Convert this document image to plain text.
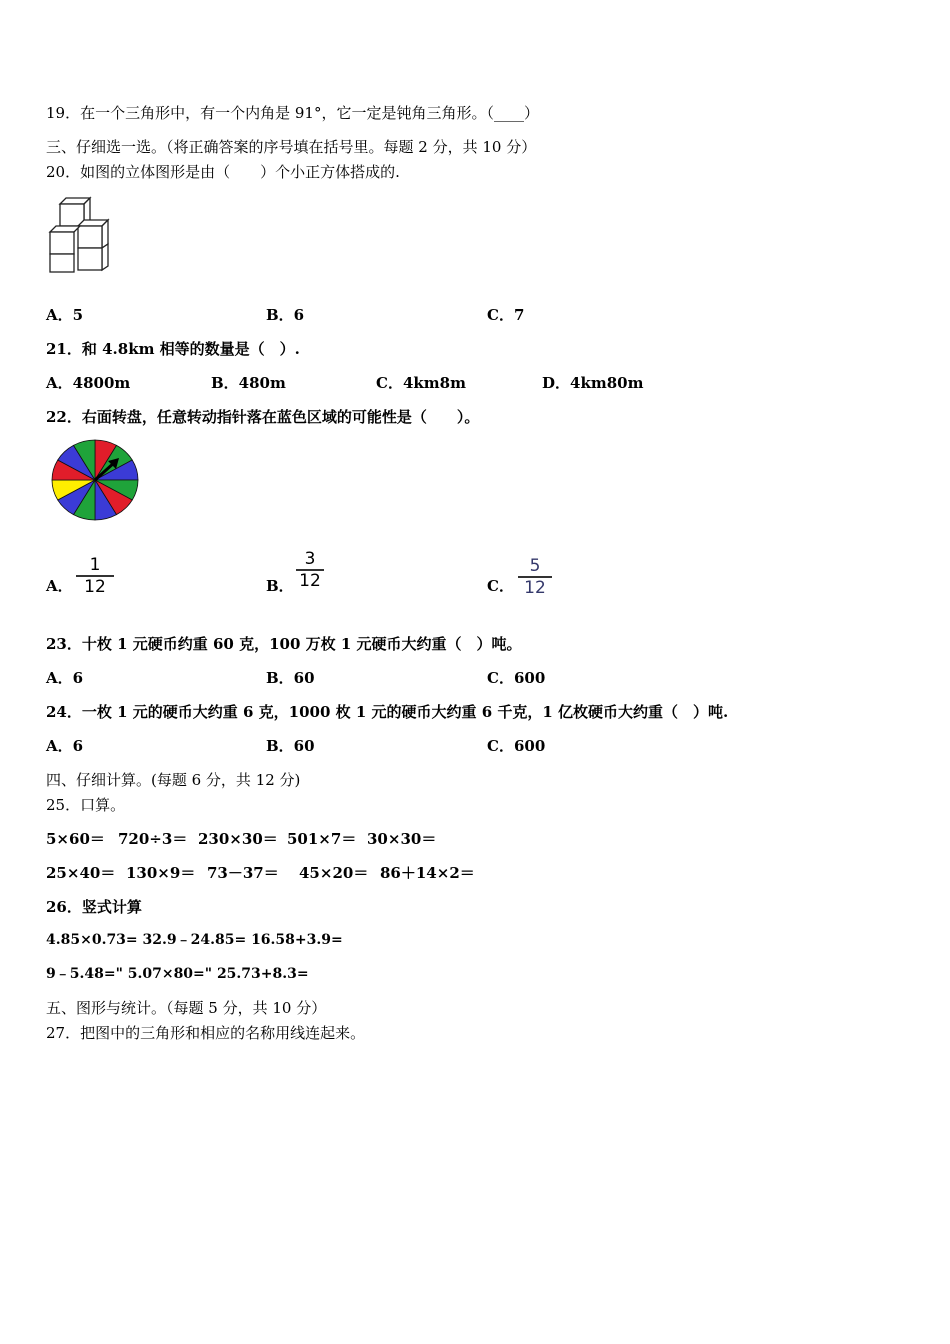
19．在一个三角形中，有一个内角是 91°，它一定是钝角三角形。（____）
三、仔细选一选。（将正确答案的序号填在括号里。每题 2 分，共 10 分）
20．如图的立体图形是由（　　）个小正方体搭成的.
A．5	B．6	C．7
21．和 4.8km 相等的数量是（　）.
A．4800m	B．480m	C．4km8m	D．4km80m
22．右面转盘，任意转动指针落在蓝色区域的可能性是（　　）。
A．
1
12	B．
3
12	C．
5
12
23．十枚 1 元硬币约重 60 克，100 万枚 1 元硬币大约重（　）吨。
A．6	B．60	C．600
24．一枚 1 元的硬币大约重 6 克，1000 枚 1 元的硬币大约重 6 千克，1 亿枚硬币大约重（　）吨.
A．6	B．60	C．600
四、仔细计算。(每题 6 分，共 12 分)
25．口算。
5×60＝ 720÷3＝ 230×30＝ 501×7＝ 30×30＝
25×40＝ 130×9＝ 73－37＝ 45×20＝ 86＋14×2＝
26．竖式计算
4.85×0.73= 32.9﹣24.85= 16.58+3.9=
9﹣5.48=" 5.07×80=" 25.73+8.3=
五、图形与统计。（每题 5 分，共 10 分）
27．把图中的三角形和相应的名称用线连起来。
